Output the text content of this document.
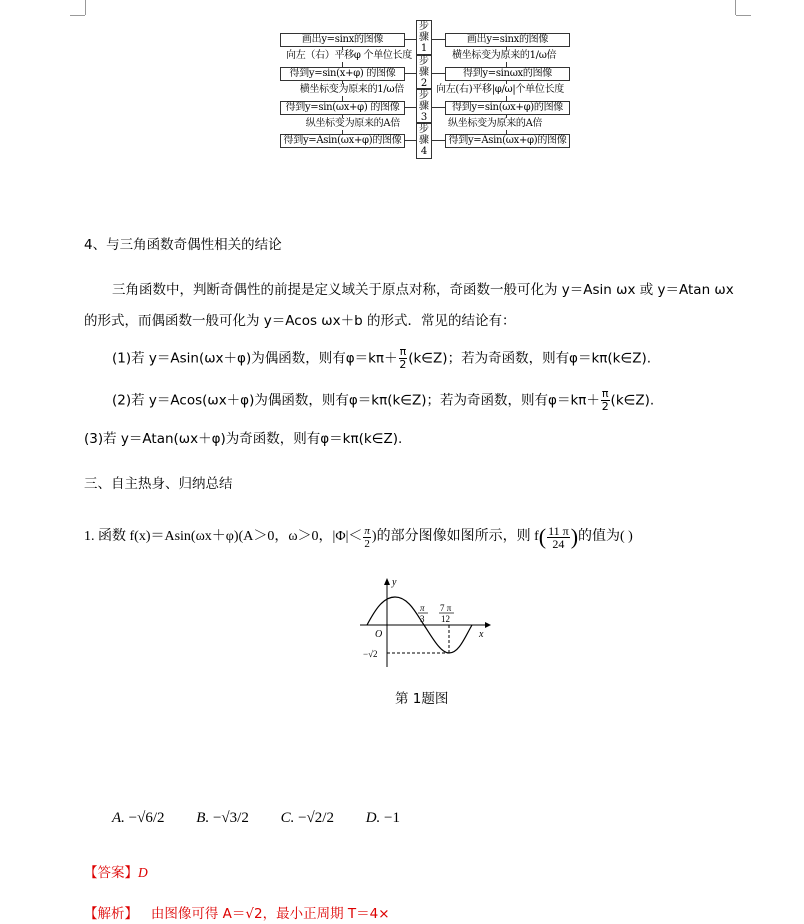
画出y=sinx的图像
得到y=sin(x+φ) 的图像
得到y=sin(ωx+φ) 的图像
得到y=Asin(ωx+φ)的图像
画出y=sinx的图像
得到y=sinωx的图像
得到y=sin(ωx+φ)的图像
得到y=Asin(ωx+φ)的图像
向左（右）平移φ 个单位长度
横坐标变为原来的1/ω倍
纵坐标变为原来的A倍
横坐标变为原来的1/ω倍
向左(右)平移|φ/ω|个单位长度
纵坐标变为原来的A倍
步骤1
步骤2
步骤3
步骤4
4、与三角函数奇偶性相关的结论
三角函数中，判断奇偶性的前提是定义域关于原点对称，奇函数一般可化为 y＝Asin ωx 或 y＝Atan ωx
的形式，而偶函数一般可化为 y＝Acos ωx＋b 的形式．常见的结论有：
(1)若 y＝Asin(ωx＋φ)为偶函数，则有$\varphi=k\pi+ \frac{\pi}{2}$ (k∈Z)；若为奇函数，则有φ＝kπ(k∈Z).
(2)若 y＝Acos(ωx＋φ)为偶函数，则有φ＝kπ(k∈Z)；若为奇函数，则有$\varphi=k\pi+ \frac{\pi}{2}$ (k∈Z).
(3)若 y＝Atan(ωx＋φ)为奇函数，则有φ＝kπ(k∈Z).
三、自主热身、归纳总结
1. 函数 f(x)＝Asin(ωx＋φ)(A＞0，ω＞0，$|\Phi|< \frac{\pi}{2}$ )的部分图像如图所示，则 $f( \frac{11 \pi}{24}$ )的值为( )
y
x
O
π
3
7 π
12
−√2
第 1题图
A. −√6/2 B. −√3/2 C. −√2/2 D. −1
【答案】D
【解析】 由图像可得 A＝√2，最小正周期 T＝4×
